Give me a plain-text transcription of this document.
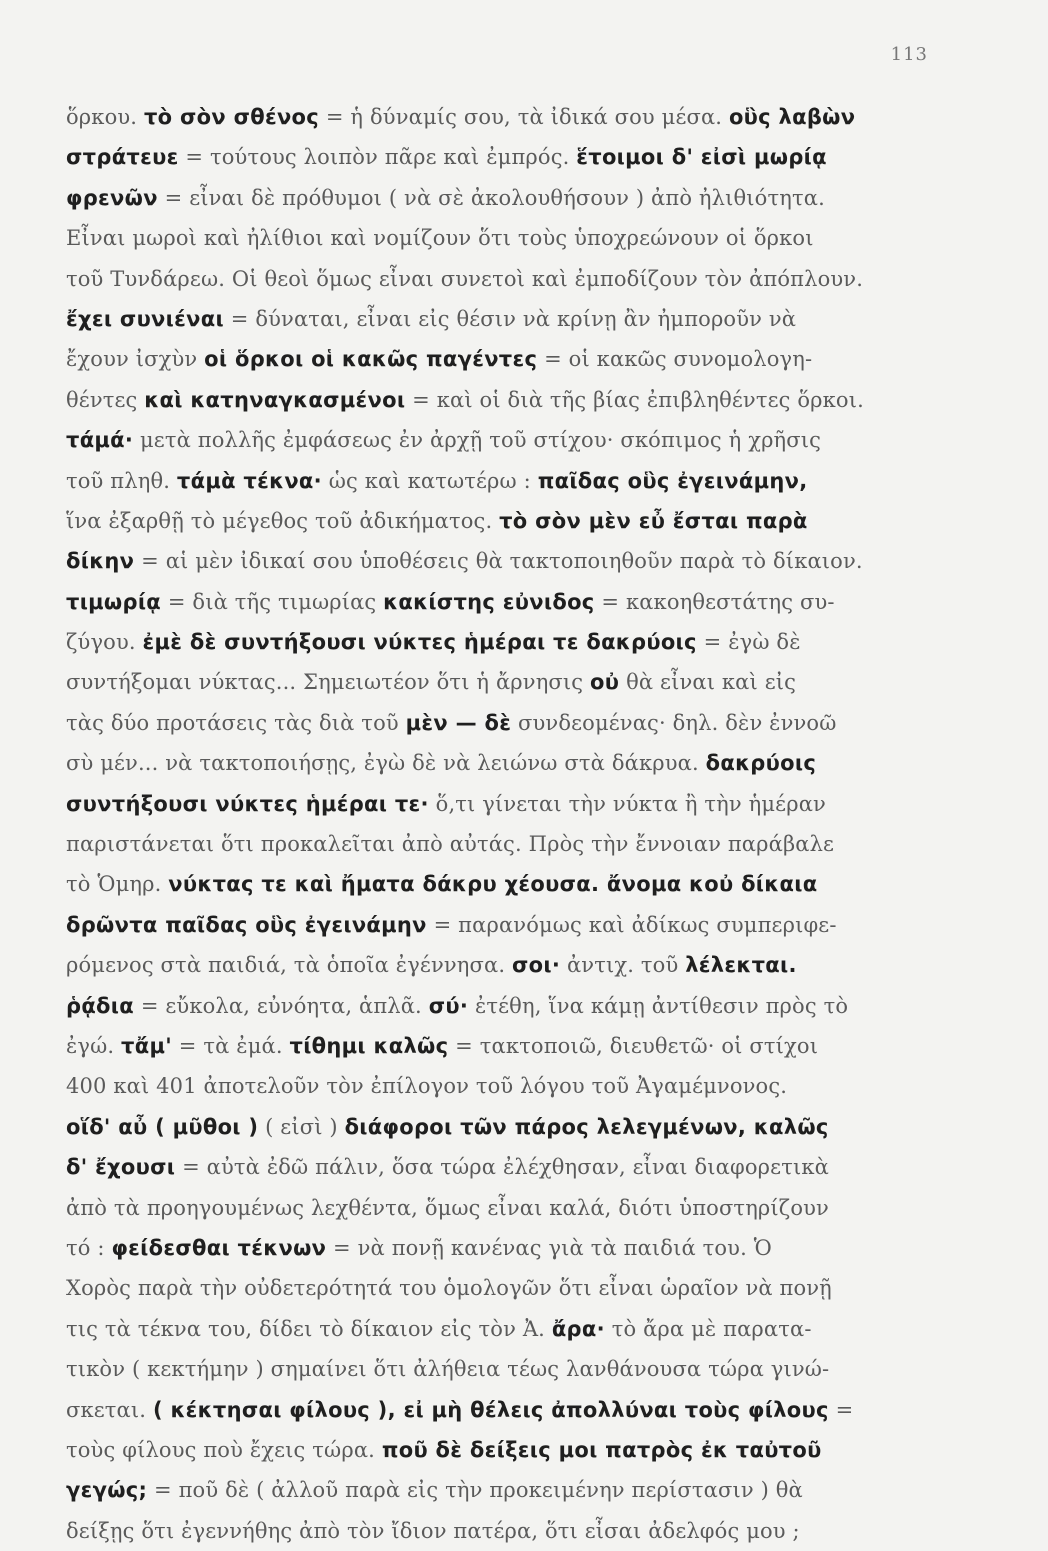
113
ὅρκου. τὸ σὸν σθένος = ἡ δύναμίς σου, τὰ ἰδικά σου μέσα. οὓς λαβὼν
στράτευε = τούτους λοιπὸν πᾶρε καὶ ἐμπρός. ἕτοιμοι δ' εἰσὶ μωρίᾳ
φρενῶν = εἶναι δὲ πρόθυμοι ( νὰ σὲ ἀκολουθήσουν ) ἀπὸ ἠλιθιότητα.
Εἶναι μωροὶ καὶ ἠλίθιοι καὶ νομίζουν ὅτι τοὺς ὑποχρεώνουν οἱ ὅρκοι
τοῦ Τυνδάρεω. Οἱ θεοὶ ὅμως εἶναι συνετοὶ καὶ ἐμποδίζουν τὸν ἀπόπλουν.
ἔχει συνιέναι = δύναται, εἶναι εἰς θέσιν νὰ κρίνῃ ἂν ἠμποροῦν νὰ
ἔχουν ἰσχὺν οἱ ὅρκοι οἱ κακῶς παγέντες = οἱ κακῶς συνομολογη-
θέντες καὶ κατηναγκασμένοι = καὶ οἱ διὰ τῆς βίας ἐπιβληθέντες ὅρκοι.
τάμά· μετὰ πολλῆς ἐμφάσεως ἐν ἀρχῇ τοῦ στίχου· σκόπιμος ἡ χρῆσις
τοῦ πληθ. τάμὰ τέκνα· ὡς καὶ κατωτέρω : παῖδας οὓς ἐγεινάμην,
ἵνα ἐξαρθῇ τὸ μέγεθος τοῦ ἀδικήματος. τὸ σὸν μὲν εὖ ἔσται παρὰ
δίκην = αἱ μὲν ἰδικαί σου ὑποθέσεις θὰ τακτοποιηθοῦν παρὰ τὸ δίκαιον.
τιμωρίᾳ = διὰ τῆς τιμωρίας κακίστης εὐνιδος = κακοηθεστάτης συ-
ζύγου. ἐμὲ δὲ συντήξουσι νύκτες ἡμέραι τε δακρύοις = ἐγὼ δὲ
συντήξομαι νύκτας... Σημειωτέον ὅτι ἡ ἄρνησις οὐ θὰ εἶναι καὶ εἰς
τὰς δύο προτάσεις τὰς διὰ τοῦ μὲν — δὲ συνδεομένας· δηλ. δὲν ἐννοῶ
σὺ μέν... νὰ τακτοποιήσῃς, ἐγὼ δὲ νὰ λειώνω στὰ δάκρυα. δακρύοις
συντήξουσι νύκτες ἡμέραι τε· ὅ,τι γίνεται τὴν νύκτα ἢ τὴν ἡμέραν
παριστάνεται ὅτι προκαλεῖται ἀπὸ αὐτάς. Πρὸς τὴν ἔννοιαν παράβαλε
τὸ Ὁμηρ. νύκτας τε καὶ ἤματα δάκρυ χέουσα. ἄνομα κοὐ δίκαια
δρῶντα παῖδας οὓς ἐγεινάμην = παρανόμως καὶ ἀδίκως συμπεριφε-
ρόμενος στὰ παιδιά, τὰ ὁποῖα ἐγέννησα. σοι· ἀντιχ. τοῦ λέλεκται.
ῥᾴδια = εὔκολα, εὐνόητα, ἁπλᾶ. σύ· ἐτέθη, ἵνα κάμῃ ἀντίθεσιν πρὸς τὸ
ἐγώ. τἄμ' = τὰ ἐμά. τίθημι καλῶς = τακτοποιῶ, διευθετῶ· οἱ στίχοι
400 καὶ 401 ἀποτελοῦν τὸν ἐπίλογον τοῦ λόγου τοῦ Ἀγαμέμνονος.
οἵδ' αὖ ( μῦθοι ) ( εἰσὶ ) διάφοροι τῶν πάρος λελεγμένων, καλῶς
δ' ἔχουσι = αὐτὰ ἐδῶ πάλιν, ὅσα τώρα ἐλέχθησαν, εἶναι διαφορετικὰ
ἀπὸ τὰ προηγουμένως λεχθέντα, ὅμως εἶναι καλά, διότι ὑποστηρίζουν
τό : φείδεσθαι τέκνων = νὰ πονῇ κανένας γιὰ τὰ παιδιά του. Ὁ
Χορὸς παρὰ τὴν οὐδετερότητά του ὁμολογῶν ὅτι εἶναι ὡραῖον νὰ πονῇ
τις τὰ τέκνα του, δίδει τὸ δίκαιον εἰς τὸν Ἀ. ἄρα· τὸ ἄρα μὲ παρατα-
τικὸν ( κεκτήμην ) σημαίνει ὅτι ἀλήθεια τέως λανθάνουσα τώρα γινώ-
σκεται. ( κέκτησαι φίλους ), εἰ μὴ θέλεις ἀπολλύναι τοὺς φίλους =
τοὺς φίλους ποὺ ἔχεις τώρα. ποῦ δὲ δείξεις μοι πατρὸς ἐκ ταὐτοῦ
γεγώς; = ποῦ δὲ ( ἀλλοῦ παρὰ εἰς τὴν προκειμένην περίστασιν ) θὰ
δείξῃς ὅτι ἐγεννήθης ἀπὸ τὸν ἴδιον πατέρα, ὅτι εἶσαι ἀδελφός μου ;
